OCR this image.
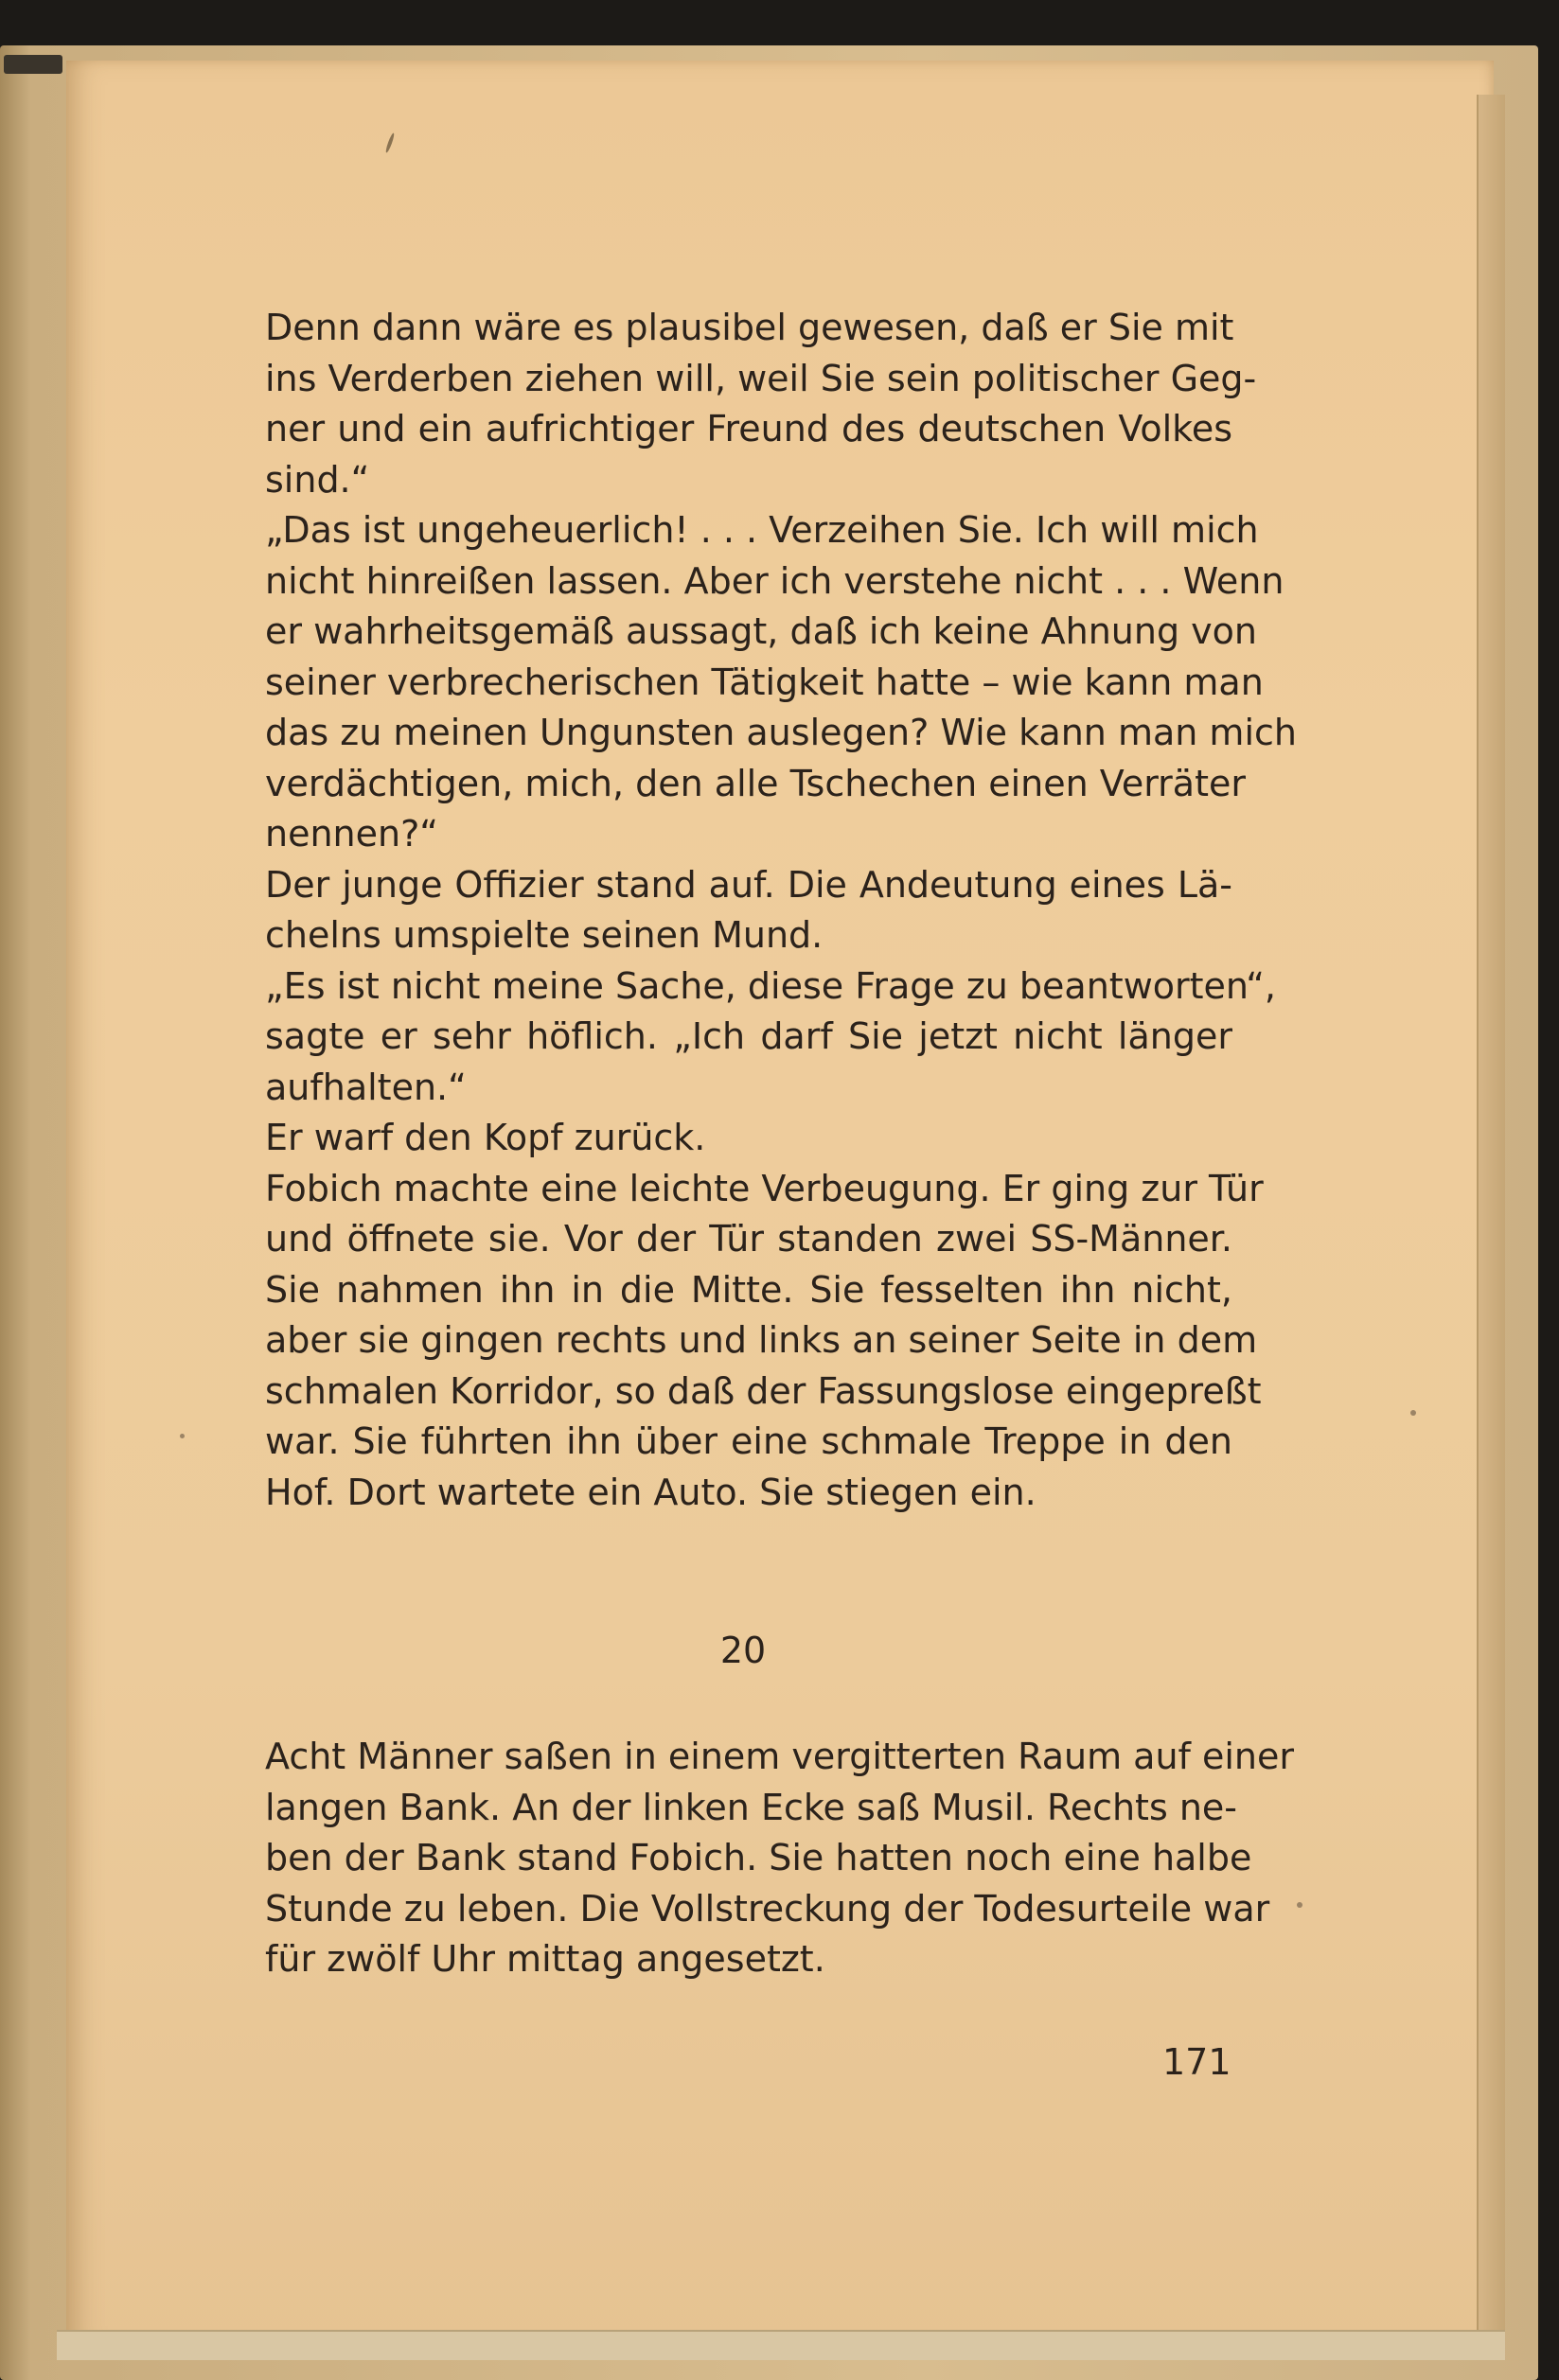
Denn dann wäre es plausibel gewesen, daß er Sie mit
ins Verderben ziehen will, weil Sie sein politischer Geg-
ner und ein aufrichtiger Freund des deutschen Volkes
sind.“
„Das ist ungeheuerlich! . . . Verzeihen Sie. Ich will mich
nicht hinreißen lassen. Aber ich verstehe nicht . . . Wenn
er wahrheitsgemäß aussagt, daß ich keine Ahnung von
seiner verbrecherischen Tätigkeit hatte – wie kann man
das zu meinen Ungunsten auslegen? Wie kann man mich
verdächtigen, mich, den alle Tschechen einen Verräter
nennen?“
Der junge Offizier stand auf. Die Andeutung eines Lä-
chelns umspielte seinen Mund.
„Es ist nicht meine Sache, diese Frage zu beantworten“,
sagte er sehr höflich. „Ich darf Sie jetzt nicht länger
aufhalten.“
Er warf den Kopf zurück.
Fobich machte eine leichte Verbeugung. Er ging zur Tür
und öffnete sie. Vor der Tür standen zwei SS-Männer.
Sie nahmen ihn in die Mitte. Sie fesselten ihn nicht,
aber sie gingen rechts und links an seiner Seite in dem
schmalen Korridor, so daß der Fassungslose eingepreßt
war. Sie führten ihn über eine schmale Treppe in den
Hof. Dort wartete ein Auto. Sie stiegen ein.
20
Acht Männer saßen in einem vergitterten Raum auf einer
langen Bank. An der linken Ecke saß Musil. Rechts ne-
ben der Bank stand Fobich. Sie hatten noch eine halbe
Stunde zu leben. Die Vollstreckung der Todesurteile war
für zwölf Uhr mittag angesetzt.
171
